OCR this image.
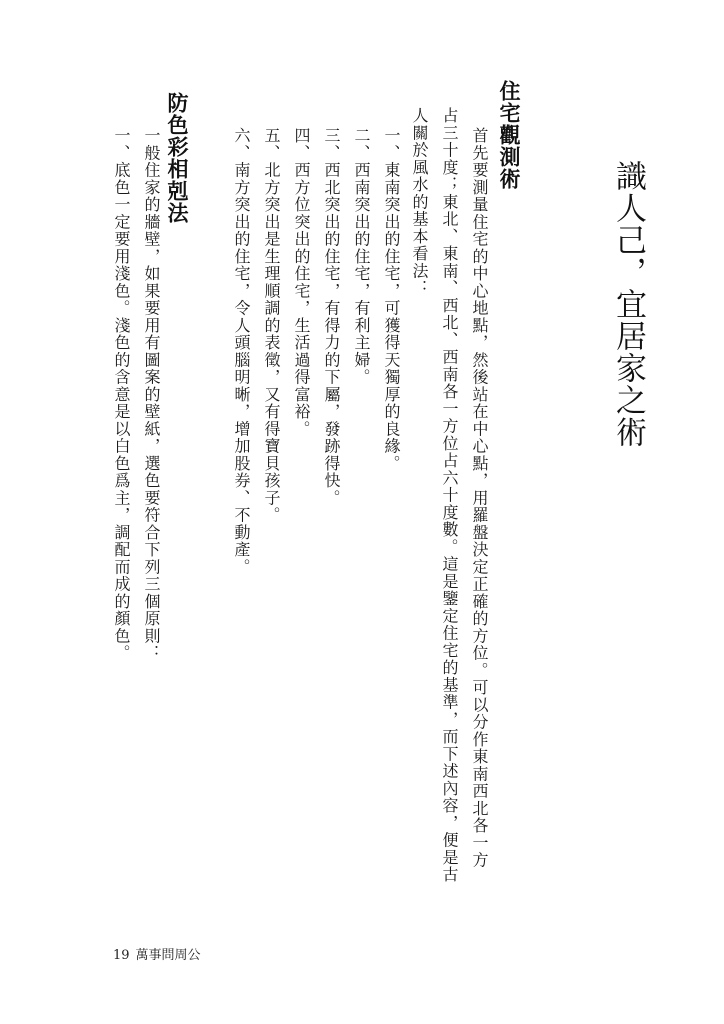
識人己，宜居家之術
住宅觀測術
首先要測量住宅的中心地點，然後站在中心點，用羅盤決定正確的方位。可以分作東南西北各一方
占三十度；東北、東南、西北、西南各一方位占六十度數。這是鑒定住宅的基準，而下述內容，便是古
人關於風水的基本看法：
一、東南突出的住宅，可獲得天獨厚的良緣。
二、西南突出的住宅，有利主婦。
三、西北突出的住宅，有得力的下屬，發跡得快。
四、西方位突出的住宅，生活過得富裕。
五、北方突出是生理順調的表徵，又有得寶貝孩子。
六、南方突出的住宅，令人頭腦明晰，增加股券、不動產。
防色彩相剋法
一般住家的牆壁，如果要用有圖案的壁紙，選色要符合下列三個原則：
一、底色一定要用淺色。淺色的含意是以白色爲主，調配而成的顏色。
19 萬事問周公
